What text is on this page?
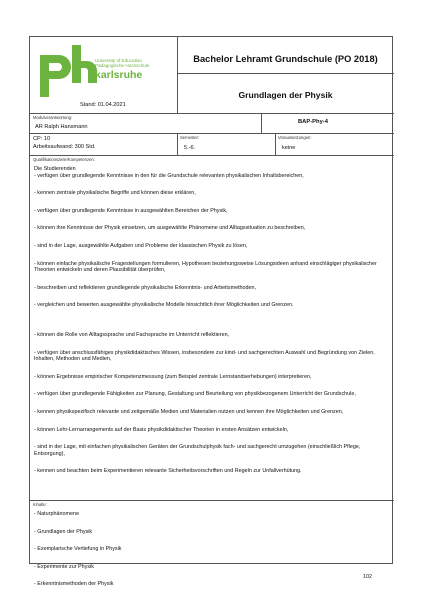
University of Education
Pädagogische Hochschule
karlsruhe
Stand: 01.04.2021
Bachelor Lehramt Grundschule (PO 2018)
Grundlagen der Physik
Modulverantwortung:
AR Ralph Hansmann
BAP-Phy-4
CP: 10
Arbeitsaufwand: 300 Std.
Semester:
5.-6.
Voraussetzungen:
keine
Qualifikationsziele/Kompetenzen:
Die Studierenden
- verfügen über grundlegende Kenntnisse in den für die Grundschule relevanten physikalischen Inhaltsbereichen,
- kennen zentrale physikalische Begriffe und können diese erklären,
- verfügen über grundlegende Kenntnisse in ausgewählten Bereichen der Physik,
- können ihre Kenntnisse der Physik einsetzen, um ausgewählte Phänomene und Alltagssituation zu beschreiben,
- sind in der Lage, ausgewählte Aufgaben und Probleme der klassischen Physik zu lösen,
- können einfache physikalische Fragestellungen formulieren, Hypothesen beziehungsweise Lösungsideen anhand einschlägiger physikalischer Theorien entwickeln und deren Plausibilität überprüfen,
- beschreiben und reflektieren grundlegende physikalische Erkenntnis- und Arbeitsmethoden,
- vergleichen und bewerten ausgewählte physikalische Modelle hinsichtlich ihrer Möglichkeiten und Grenzen.
- können die Rolle von Alltagssprache und Fachsprache im Unterricht reflektieren,
- verfügen über anschlussfähiges physikdidaktisches Wissen, insbesondere zur kind- und sachgerechten Auswahl und Begründung von Zielen, Inhalten, Methoden und Medien,
- können Ergebnisse empirischer Kompetenzmessung (zum Beispiel zentrale Lernstandserhebungen) interpretieren,
- verfügen über grundlegende Fähigkeiten zur Planung, Gestaltung und Beurteilung von physikbezogenem Unterricht der Grundschule,
- kennen physikspezifisch relevante und zeitgemäße Medien und Materialien nutzen und kennen ihre Möglichkeiten und Grenzen,
- können Lehr-Lernarrangements auf der Basis physikdidaktischer Theorien in ersten Ansätzen entwickeln,
- sind in der Lage, mit einfachen physikalischen Geräten der Grundschulphysik fach- und sachgerecht umzugehen (einschließlich Pflege, Entsorgung),
- kennen und beachten beim Experimentieren relevante Sicherheitsvorschriften und Regeln zur Unfallverhütung.
Inhalte:
- Naturphänomene
- Grundlagen der Physik
- Exemplarische Vertiefung in Physik
- Experimente zur Physik
- Erkenntnismethoden der Physik
102
